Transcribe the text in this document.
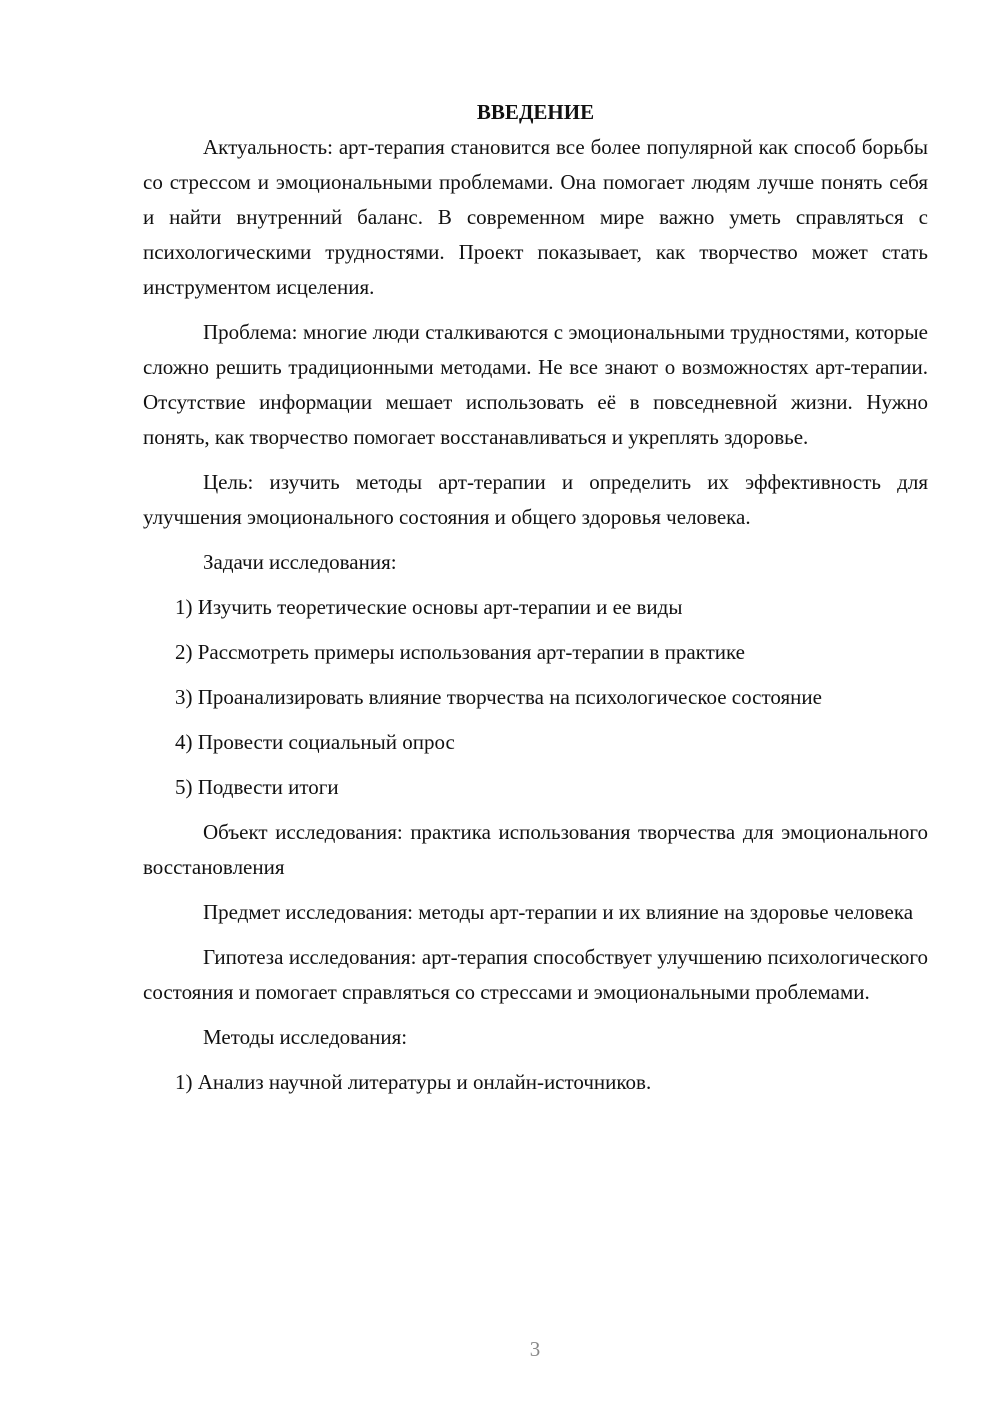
ВВЕДЕНИЕ

Актуальность: арт-терапия становится все более популярной как способ борьбы со стрессом и эмоциональными проблемами. Она помогает людям лучше понять себя и найти внутренний баланс. В современном мире важно уметь справляться с психологическими трудностями. Проект показывает, как творчество может стать инструментом исцеления.

Проблема: многие люди сталкиваются с эмоциональными трудностями, которые сложно решить традиционными методами. Не все знают о возможностях арт-терапии. Отсутствие информации мешает использовать её в повседневной жизни. Нужно понять, как творчество помогает восстанавливаться и укреплять здоровье.

Цель: изучить методы арт-терапии и определить их эффективность для улучшения эмоционального состояния и общего здоровья человека.

Задачи исследования:

1) Изучить теоретические основы арт-терапии и ее виды

2) Рассмотреть примеры использования арт-терапии в практике

3) Проанализировать влияние творчества на психологическое состояние

4) Провести социальный опрос

5) Подвести итоги

Объект исследования: практика использования творчества для эмоционального восстановления

Предмет исследования: методы арт-терапии и их влияние на здоровье человека

Гипотеза исследования: арт-терапия способствует улучшению психологического состояния и помогает справляться со стрессами и эмоциональными проблемами.

Методы исследования:

1) Анализ научной литературы и онлайн-источников.

3
